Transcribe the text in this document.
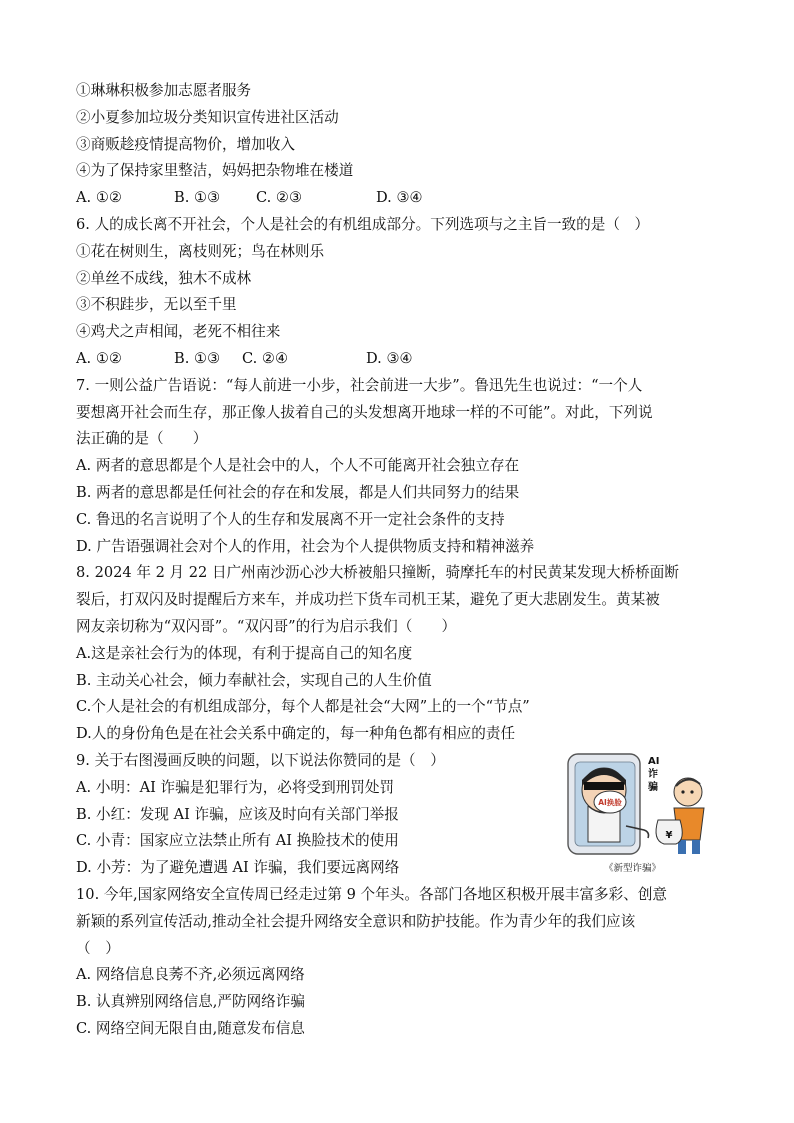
①琳琳积极参加志愿者服务
②小夏参加垃圾分类知识宣传进社区活动
③商贩趁疫情提高物价，增加收入
④为了保持家里整洁，妈妈把杂物堆在楼道
A. ①②	B. ①③	C. ②③	D. ③④
6. 人的成长离不开社会，个人是社会的有机组成部分。下列选项与之主旨一致的是（　）
①花在树则生，离枝则死；鸟在林则乐
②单丝不成线，独木不成林
③不积跬步，无以至千里
④鸡犬之声相闻，老死不相往来
A. ①②	B. ①③	C. ②④	D. ③④
7. 一则公益广告语说：“每人前进一小步，社会前进一大步”。鲁迅先生也说过：“一个人
要想离开社会而生存，那正像人拔着自己的头发想离开地球一样的不可能”。对此，下列说
法正确的是（　　）
A. 两者的意思都是个人是社会中的人，个人不可能离开社会独立存在
B. 两者的意思都是任何社会的存在和发展，都是人们共同努力的结果
C. 鲁迅的名言说明了个人的生存和发展离不开一定社会条件的支持
D. 广告语强调社会对个人的作用，社会为个人提供物质支持和精神滋养
8. 2024 年 2 月 22 日广州南沙沥心沙大桥被船只撞断，骑摩托车的村民黄某发现大桥桥面断
裂后，打双闪及时提醒后方来车，并成功拦下货车司机王某，避免了更大悲剧发生。黄某被
网友亲切称为“双闪哥”。“双闪哥”的行为启示我们（　　）
A.这是亲社会行为的体现，有利于提高自己的知名度
B. 主动关心社会，倾力奉献社会，实现自己的人生价值
C.个人是社会的有机组成部分，每个人都是社会“大网”上的一个“节点”
D.人的身份角色是在社会关系中确定的，每一种角色都有相应的责任
9. 关于右图漫画反映的问题，以下说法你赞同的是（　）
A. 小明：AI 诈骗是犯罪行为，必将受到刑罚处罚
B. 小红：发现 AI 诈骗，应该及时向有关部门举报
C. 小青：国家应立法禁止所有 AI 换脸技术的使用
D. 小芳：为了避免遭遇 AI 诈骗，我们要远离网络
AI换脸
AI
诈
骗
¥
《新型诈骗》
10. 今年,国家网络安全宣传周已经走过第 9 个年头。各部门各地区积极开展丰富多彩、创意
新颖的系列宣传活动,推动全社会提升网络安全意识和防护技能。作为青少年的我们应该
（　）
A. 网络信息良莠不齐,必须远离网络
B. 认真辨别网络信息,严防网络诈骗
C. 网络空间无限自由,随意发布信息
